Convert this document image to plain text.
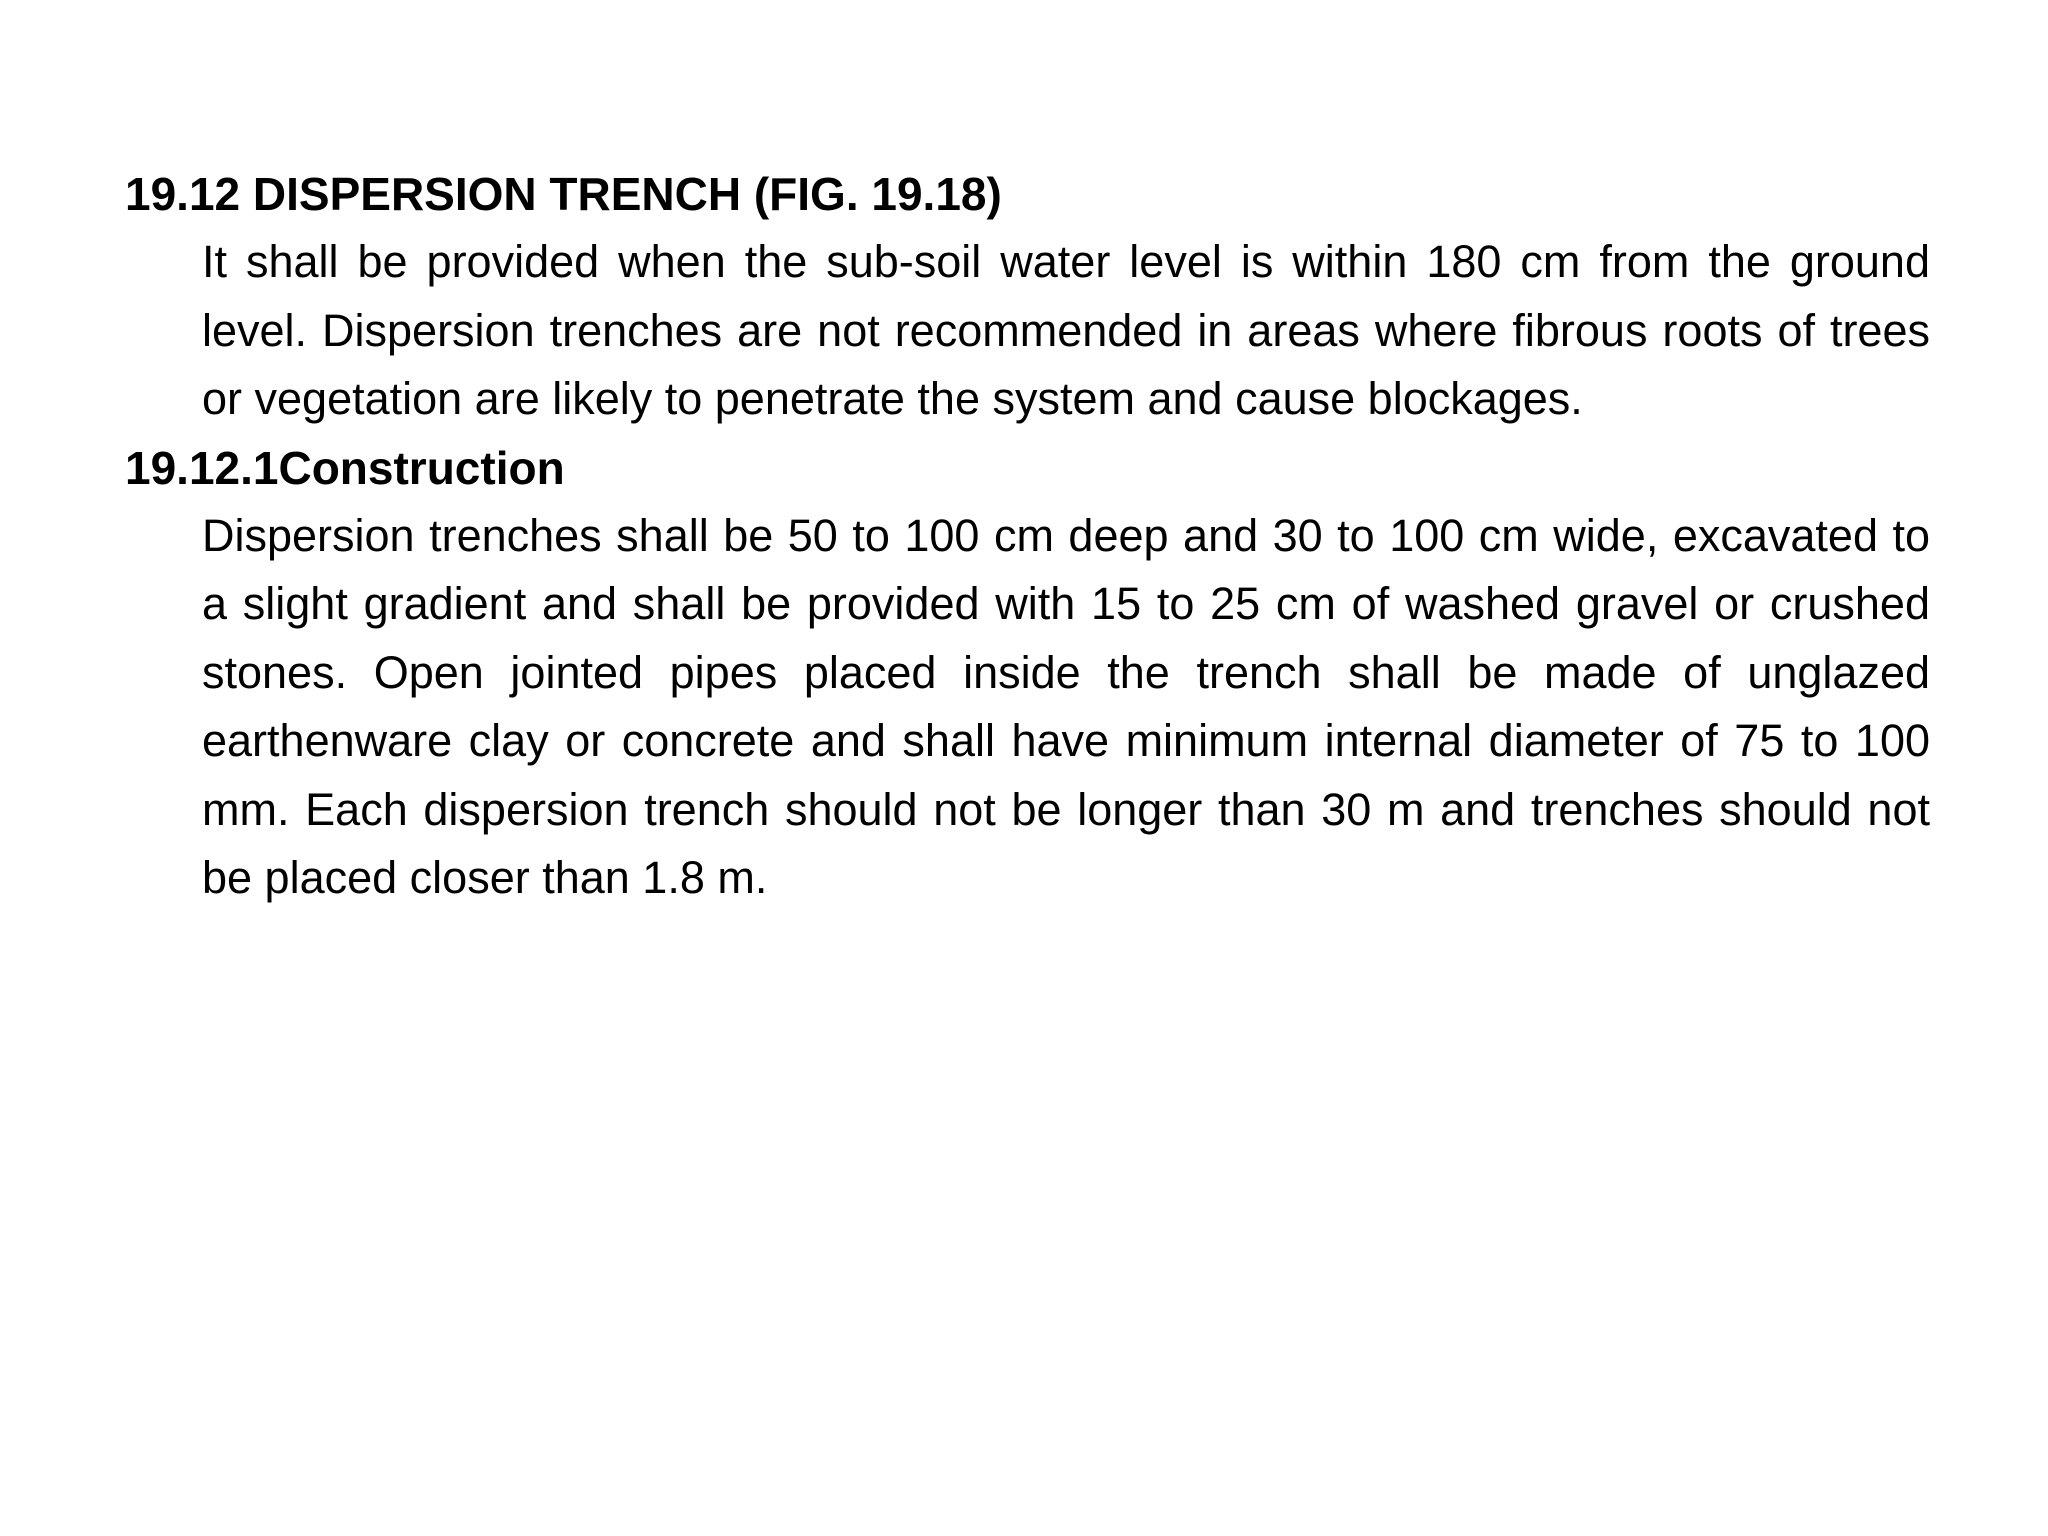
19.12 DISPERSION TRENCH (FIG. 19.18)

It shall be provided when the sub-soil water level is within 180 cm from the ground level. Dispersion trenches are not recommended in areas where fibrous roots of trees or vegetation are likely to penetrate the system and cause blockages.

19.12.1Construction

Dispersion trenches shall be 50 to 100 cm deep and 30 to 100 cm wide, excavated to a slight gradient and shall be provided with 15 to 25 cm of washed gravel or crushed stones. Open jointed pipes placed inside the trench shall be made of unglazed earthenware clay or concrete and shall have minimum internal diameter of 75 to 100 mm. Each dispersion trench should not be longer than 30 m and trenches should not be placed closer than 1.8 m.
